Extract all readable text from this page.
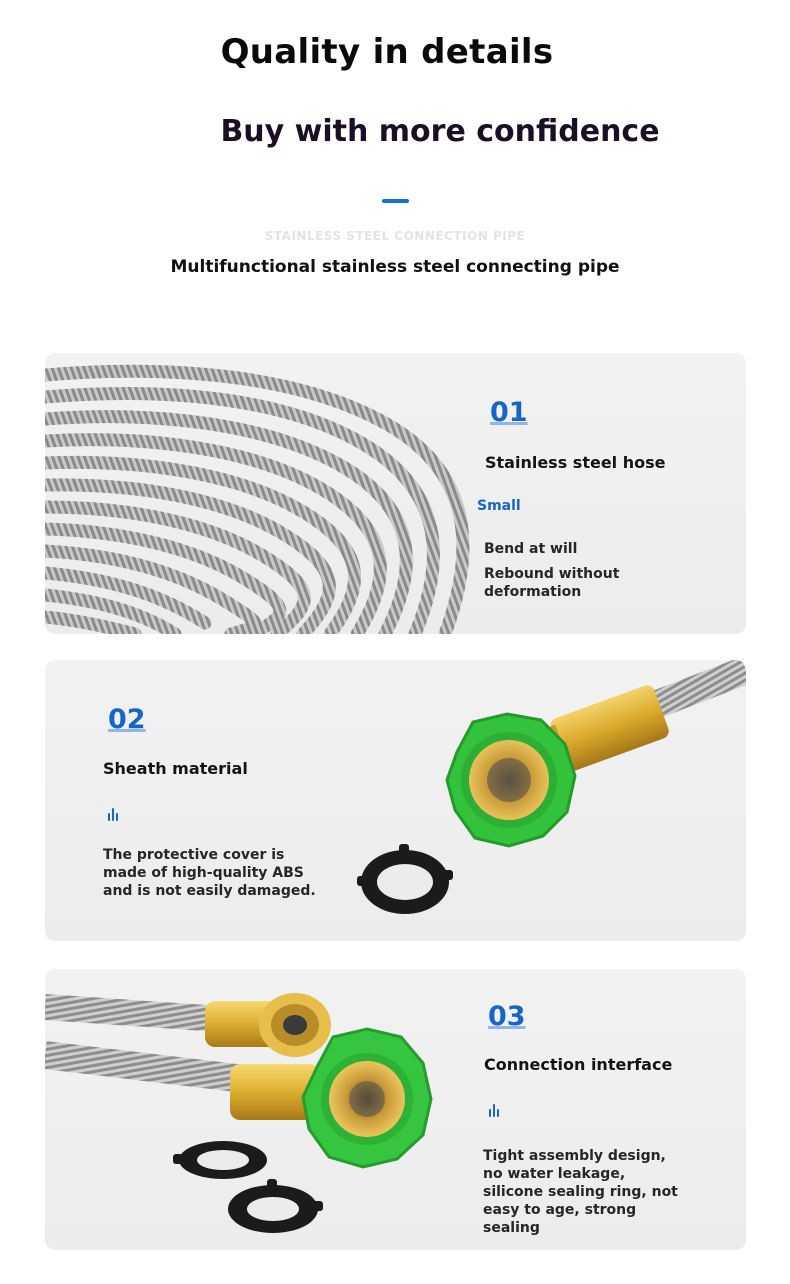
Quality in details
Buy with more confidence
STAINLESS STEEL CONNECTION PIPE
Multifunctional stainless steel connecting pipe
01
Stainless steel hose
Small
Bend at will
Rebound without deformation
02
Sheath material
The protective cover is made of high-quality ABS and is not easily damaged.
03
Connection interface
Tight assembly design, no water leakage, silicone sealing ring, not easy to age, strong sealing
